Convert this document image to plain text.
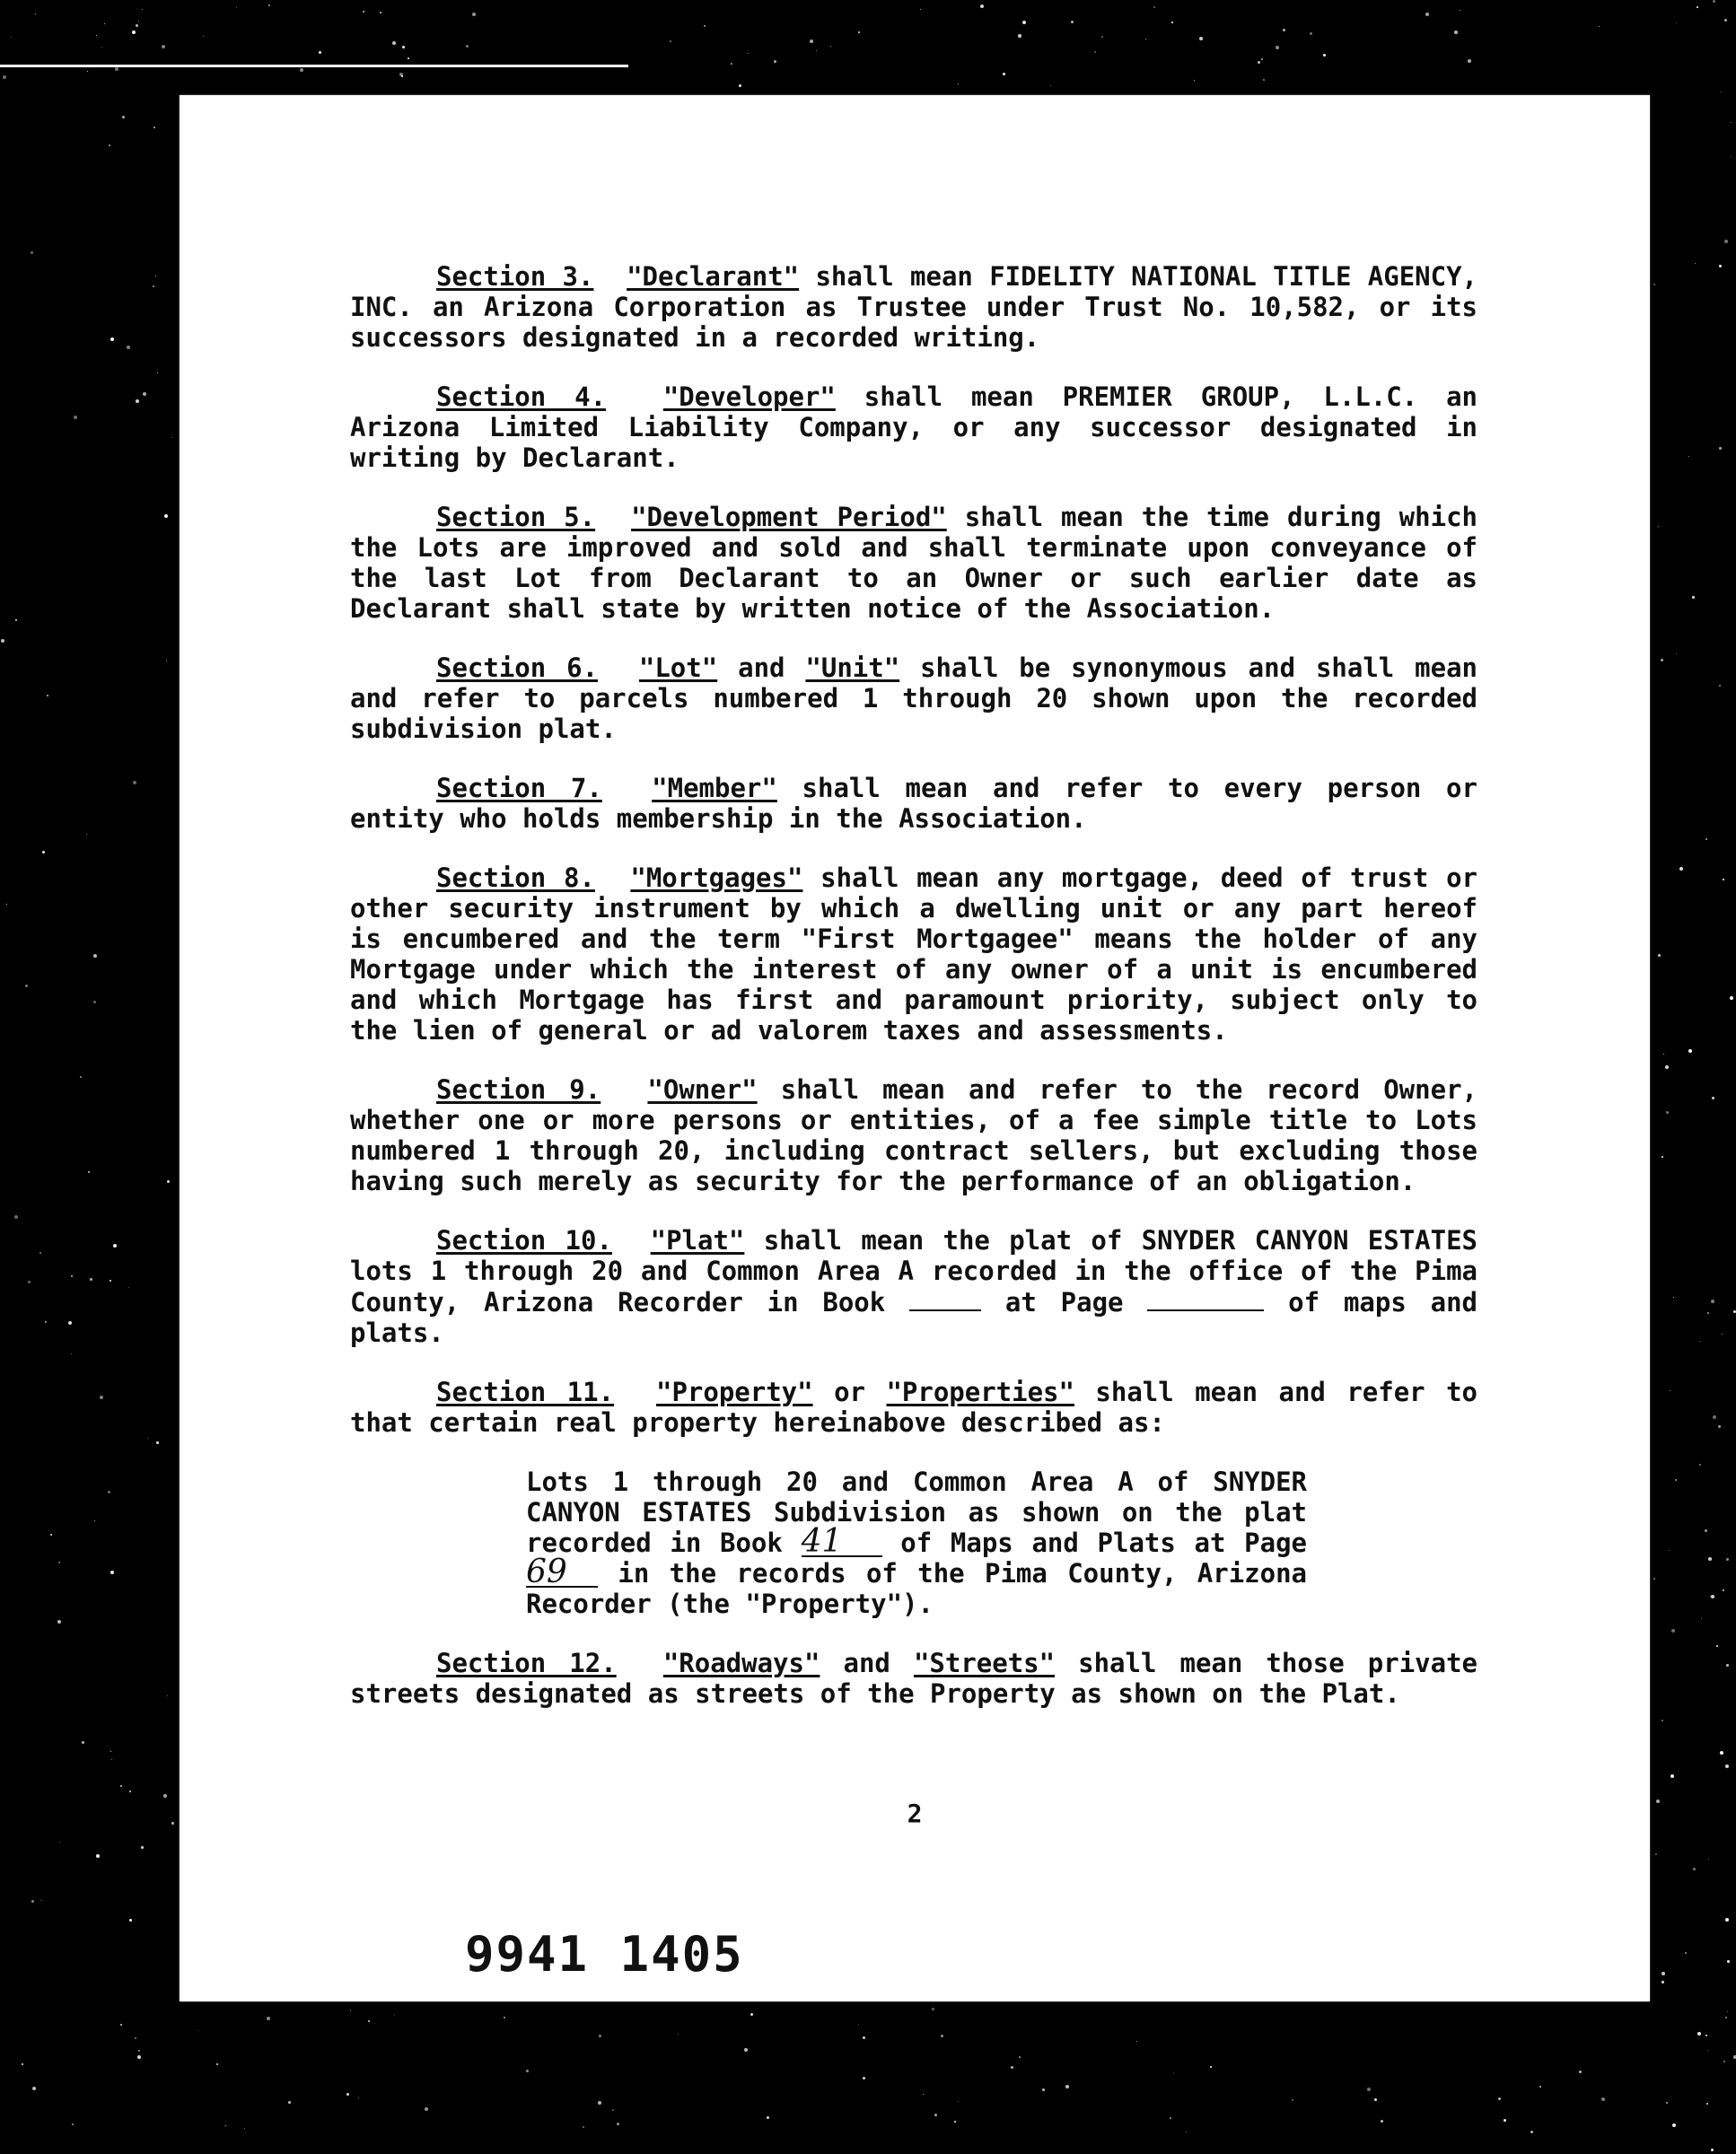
Section 3. "Declarant" shall mean FIDELITY NATIONAL TITLE AGENCY, INC. an Arizona Corporation as Trustee under Trust No. 10,582, or its successors designated in a recorded writing.

Section 4. "Developer" shall mean PREMIER GROUP, L.L.C. an Arizona Limited Liability Company, or any successor designated in writing by Declarant.

Section 5. "Development Period" shall mean the time during which the Lots are improved and sold and shall terminate upon conveyance of the last Lot from Declarant to an Owner or such earlier date as Declarant shall state by written notice of the Association.

Section 6. "Lot" and "Unit" shall be synonymous and shall mean and refer to parcels numbered 1 through 20 shown upon the recorded subdivision plat.

Section 7. "Member" shall mean and refer to every person or entity who holds membership in the Association.

Section 8. "Mortgages" shall mean any mortgage, deed of trust or other security instrument by which a dwelling unit or any part hereof is encumbered and the term "First Mortgagee" means the holder of any Mortgage under which the interest of any owner of a unit is encumbered and which Mortgage has first and paramount priority, subject only to the lien of general or ad valorem taxes and assessments.

Section 9. "Owner" shall mean and refer to the record Owner, whether one or more persons or entities, of a fee simple title to Lots numbered 1 through 20, including contract sellers, but excluding those having such merely as security for the performance of an obligation.

Section 10. "Plat" shall mean the plat of SNYDER CANYON ESTATES lots 1 through 20 and Common Area A recorded in the office of the Pima County, Arizona Recorder in Book	at Page	of maps and plats.

Section 11. "Property" or "Properties" shall mean and refer to that certain real property hereinabove described as:

Lots 1 through 20 and Common Area A of SNYDER CANYON ESTATES Subdivision as shown on the plat recorded in Book 41 of Maps and Plats at Page 69 in the records of the Pima County, Arizona Recorder (the "Property").

Section 12. "Roadways" and "Streets" shall mean those private streets designated as streets of the Property as shown on the Plat.

2
9941 1405
